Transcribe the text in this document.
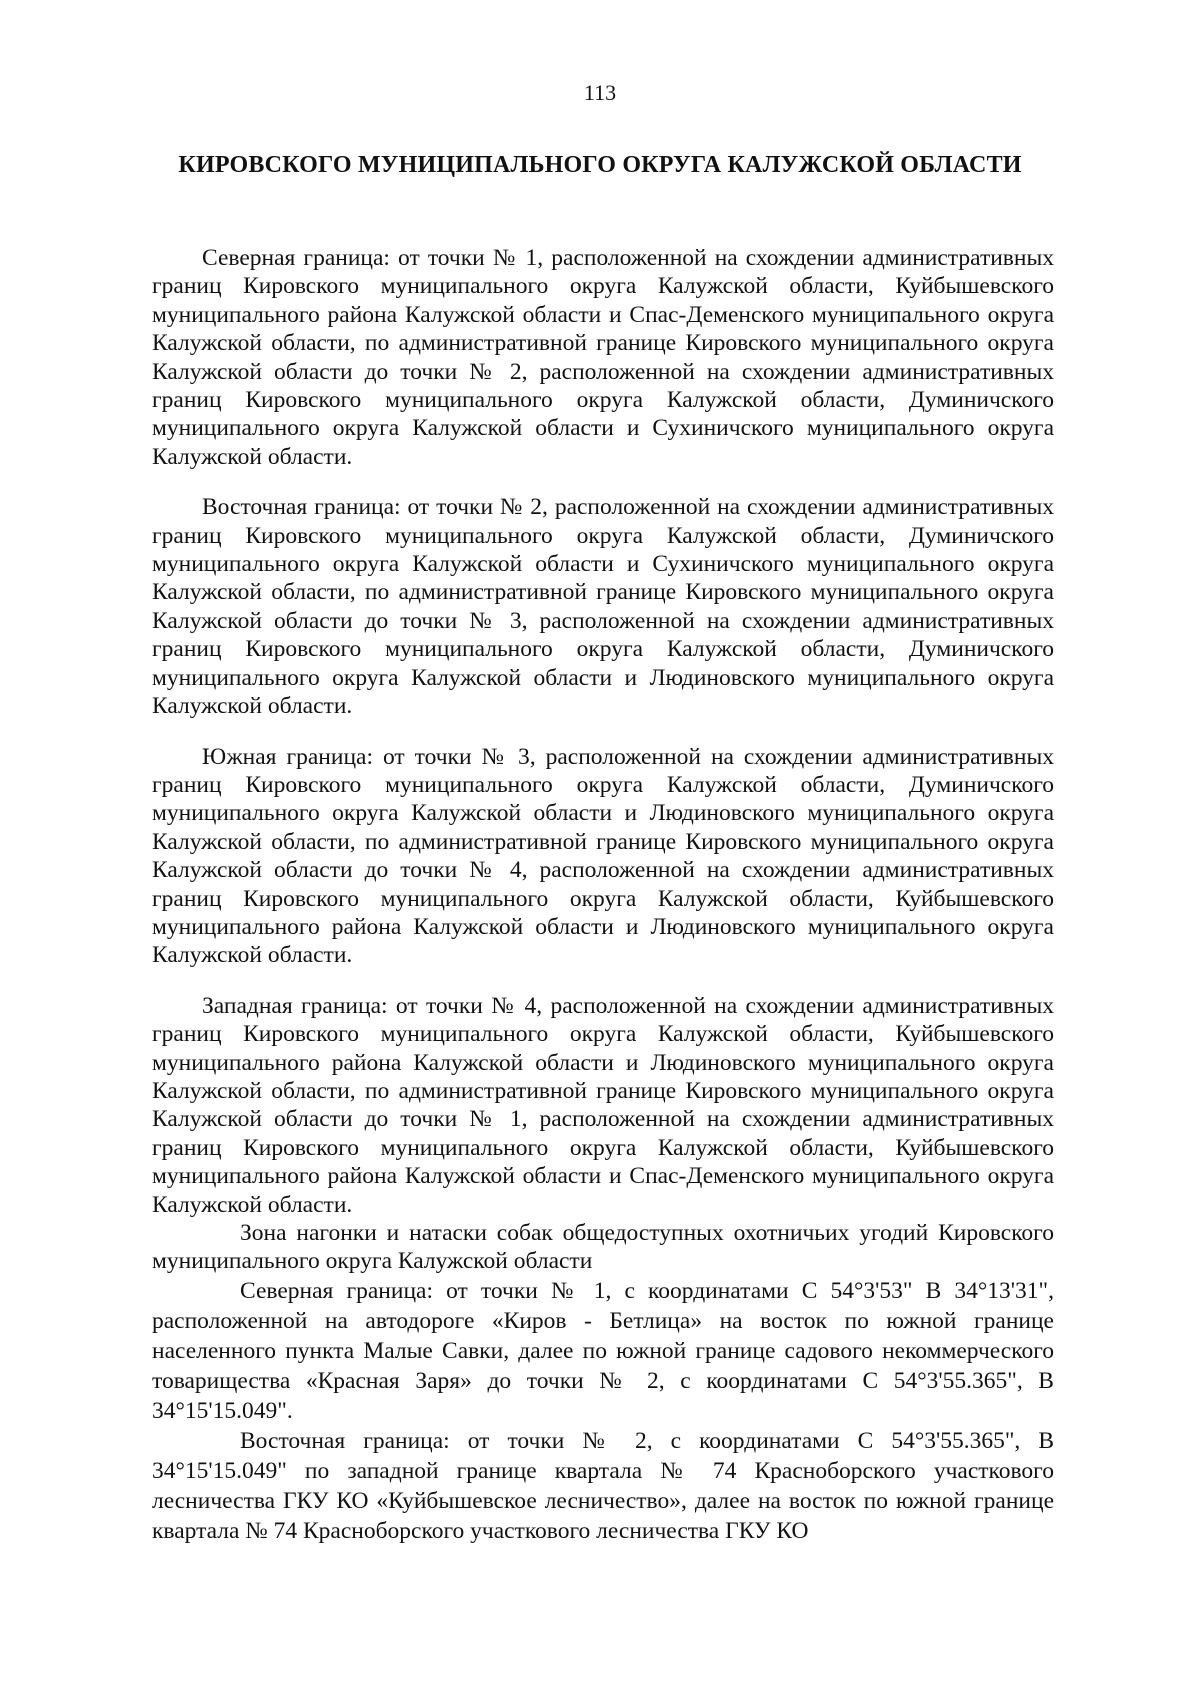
113
КИРОВСКОГО МУНИЦИПАЛЬНОГО ОКРУГА КАЛУЖСКОЙ ОБЛАСТИ

Северная граница: от точки № 1, расположенной на схождении административных границ Кировского муниципального округа Калужской области, Куйбышевского муниципального района Калужской области и Спас-Деменского муниципального округа Калужской области, по административной границе Кировского муниципального округа Калужской области до точки № 2, расположенной на схождении административных границ Кировского муниципального округа Калужской области, Думиничского муниципального округа Калужской области и Сухиничского муниципального округа Калужской области.

Восточная граница: от точки № 2, расположенной на схождении административных границ Кировского муниципального округа Калужской области, Думиничского муниципального округа Калужской области и Сухиничского муниципального округа Калужской области, по административной границе Кировского муниципального округа Калужской области до точки № 3, расположенной на схождении административных границ Кировского муниципального округа Калужской области, Думиничского муниципального округа Калужской области и Людиновского муниципального округа Калужской области.

Южная граница: от точки № 3, расположенной на схождении административных границ Кировского муниципального округа Калужской области, Думиничского муниципального округа Калужской области и Людиновского муниципального округа Калужской области, по административной границе Кировского муниципального округа Калужской области до точки № 4, расположенной на схождении административных границ Кировского муниципального округа Калужской области, Куйбышевского муниципального района Калужской области и Людиновского муниципального округа Калужской области.

Западная граница: от точки № 4, расположенной на схождении административных границ Кировского муниципального округа Калужской области, Куйбышевского муниципального района Калужской области и Людиновского муниципального округа Калужской области, по административной границе Кировского муниципального округа Калужской области до точки № 1, расположенной на схождении административных границ Кировского муниципального округа Калужской области, Куйбышевского муниципального района Калужской области и Спас-Деменского муниципального округа Калужской области.

Зона нагонки и натаски собак общедоступных охотничьих угодий Кировского муниципального округа Калужской области

Северная граница: от точки № 1, с координатами С 54°3'53" В 34°13'31", расположенной на автодороге «Киров - Бетлица» на восток по южной границе населенного пункта Малые Савки, далее по южной границе садового некоммерческого товарищества «Красная Заря» до точки № 2, с координатами С 54°3'55.365", В 34°15'15.049".

Восточная граница: от точки № 2, с координатами С 54°3'55.365", В 34°15'15.049" по западной границе квартала № 74 Красноборского участкового лесничества ГКУ КО «Куйбышевское лесничество», далее на восток по южной границе квартала № 74 Красноборского участкового лесничества ГКУ КО
